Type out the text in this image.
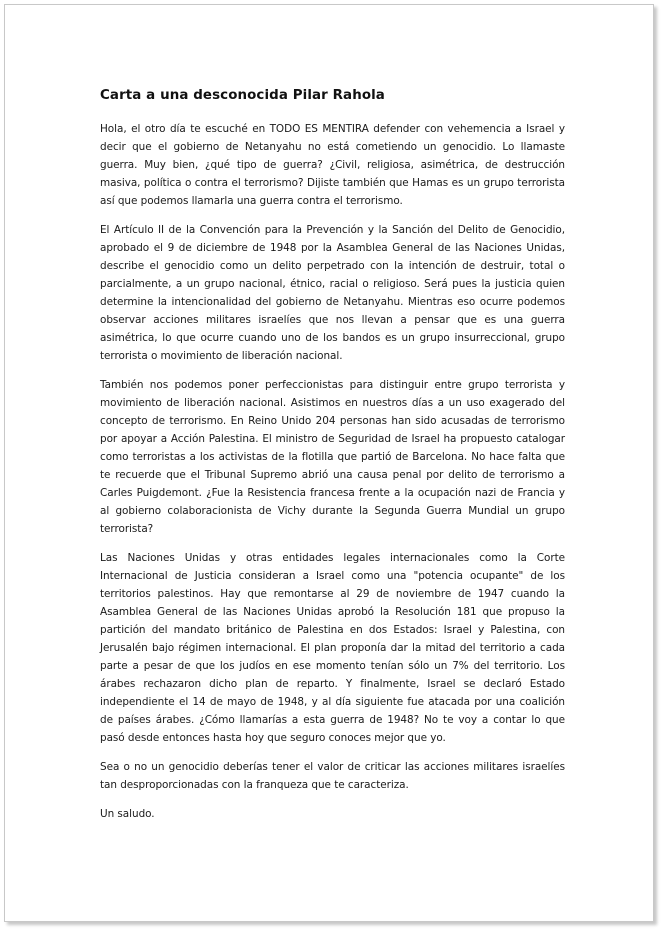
Carta a una desconocida Pilar Rahola

Hola, el otro día te escuché en TODO ES MENTIRA defender con vehemencia a Israel y decir que el gobierno de Netanyahu no está cometiendo un genocidio. Lo llamaste guerra. Muy bien, ¿qué tipo de guerra? ¿Civil, religiosa, asimétrica, de destrucción masiva, política o contra el terrorismo? Dijiste también que Hamas es un grupo terrorista así que podemos llamarla una guerra contra el terrorismo.

El Artículo II de la Convención para la Prevención y la Sanción del Delito de Genocidio, aprobado el 9 de diciembre de 1948 por la Asamblea General de las Naciones Unidas, describe el genocidio como un delito perpetrado con la intención de destruir, total o parcialmente, a un grupo nacional, étnico, racial o religioso. Será pues la justicia quien determine la intencionalidad del gobierno de Netanyahu. Mientras eso ocurre podemos observar acciones militares israelíes que nos llevan a pensar que es una guerra asimétrica, lo que ocurre cuando uno de los bandos es un grupo insurreccional, grupo terrorista o movimiento de liberación nacional.

También nos podemos poner perfeccionistas para distinguir entre grupo terrorista y movimiento de liberación nacional. Asistimos en nuestros días a un uso exagerado del concepto de terrorismo. En Reino Unido 204 personas han sido acusadas de terrorismo por apoyar a Acción Palestina. El ministro de Seguridad de Israel ha propuesto catalogar como terroristas a los activistas de la flotilla que partió de Barcelona. No hace falta que te recuerde que el Tribunal Supremo abrió una causa penal por delito de terrorismo a Carles Puigdemont. ¿Fue la Resistencia francesa frente a la ocupación nazi de Francia y al gobierno colaboracionista de Vichy durante la Segunda Guerra Mundial un grupo terrorista?

Las Naciones Unidas y otras entidades legales internacionales como la Corte Internacional de Justicia consideran a Israel como una "potencia ocupante" de los territorios palestinos. Hay que remontarse al 29 de noviembre de 1947 cuando la Asamblea General de las Naciones Unidas aprobó la Resolución 181 que propuso la partición del mandato británico de Palestina en dos Estados: Israel y Palestina, con Jerusalén bajo régimen internacional. El plan proponía dar la mitad del territorio a cada parte a pesar de que los judíos en ese momento tenían sólo un 7% del territorio. Los árabes rechazaron dicho plan de reparto. Y finalmente, Israel se declaró Estado independiente el 14 de mayo de 1948, y al día siguiente fue atacada por una coalición de países árabes. ¿Cómo llamarías a esta guerra de 1948? No te voy a contar lo que pasó desde entonces hasta hoy que seguro conoces mejor que yo.

Sea o no un genocidio deberías tener el valor de criticar las acciones militares israelíes tan desproporcionadas con la franqueza que te caracteriza.

Un saludo.
